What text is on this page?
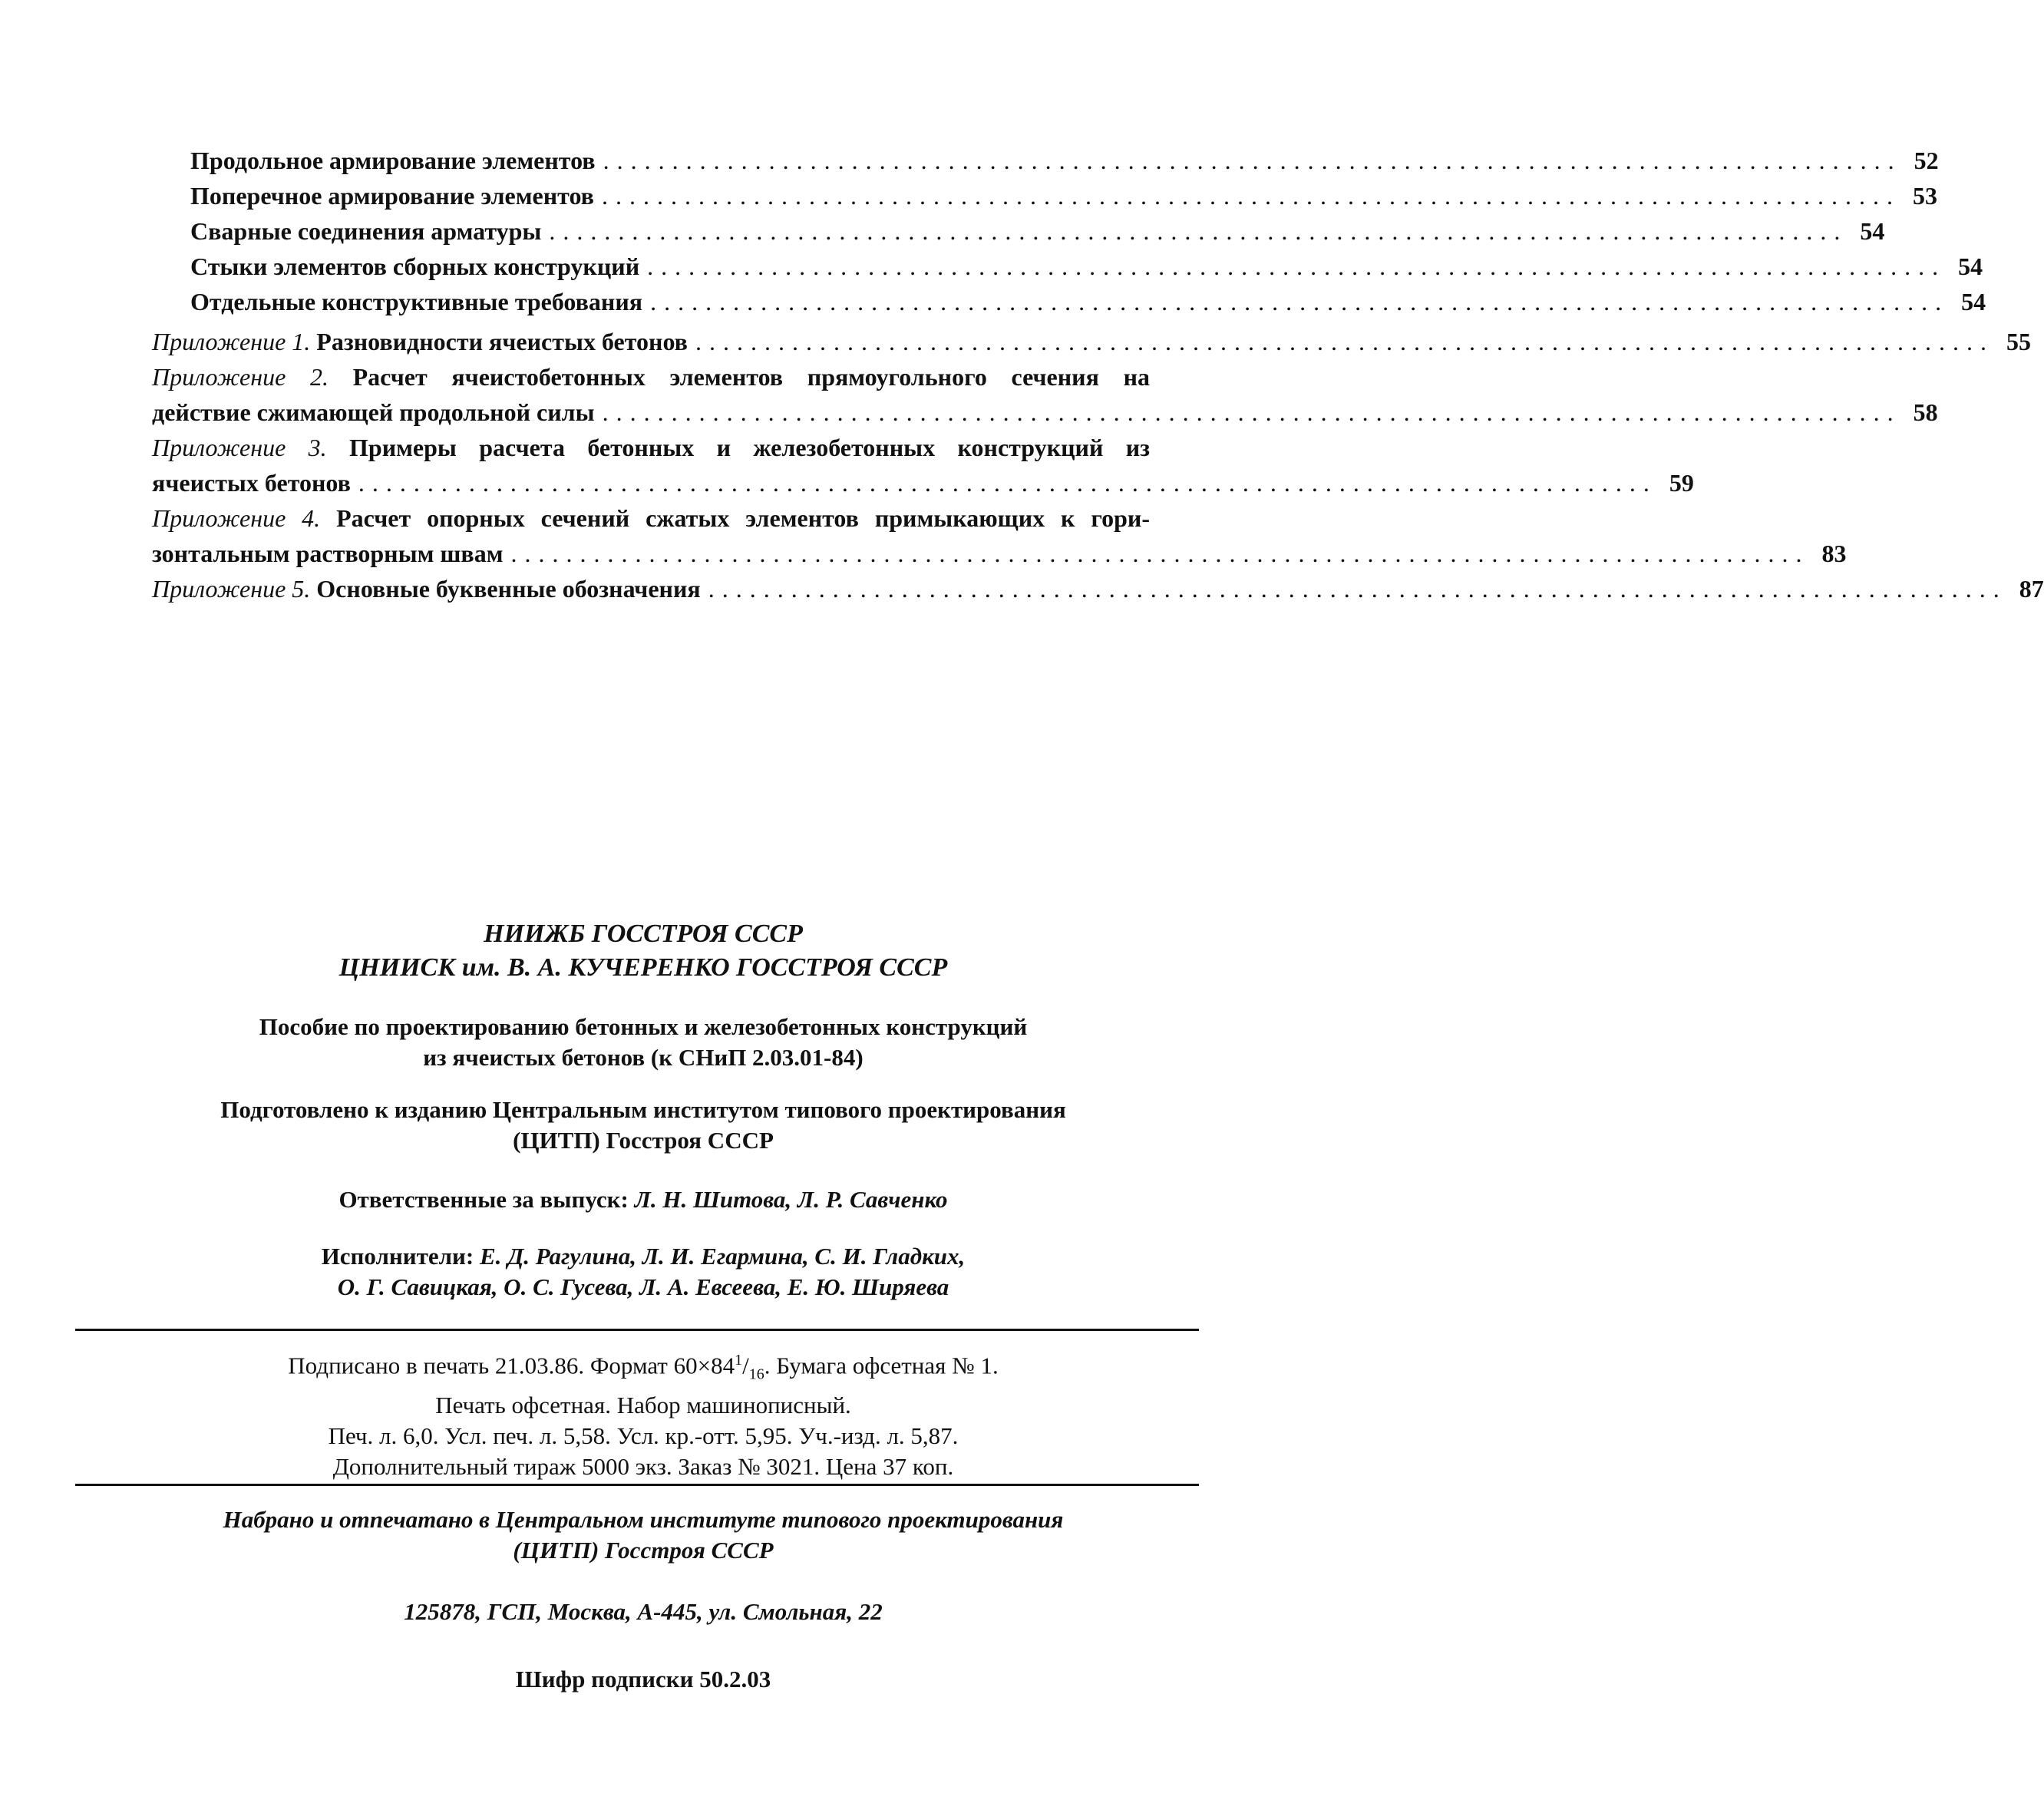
Продольное армирование элементов .............................................................................................. 52
Поперечное армирование элементов .............................................................................................. 53
Сварные соединения арматуры .............................................................................................. 54
Стыки элементов сборных конструкций .............................................................................................. 54
Отдельные конструктивные требования .............................................................................................. 54
Приложение 1. Разновидности ячеистых бетонов .............................................................................................. 55
Приложение 2. Расчет ячеистобетонных элементов прямоугольного сечения на
действие сжимающей продольной силы .............................................................................................. 58
Приложение 3. Примеры расчета бетонных и железобетонных конструкций из
ячеистых бетонов .............................................................................................. 59
Приложение 4. Расчет опорных сечений сжатых элементов примыкающих к гори-
зонтальным растворным швам .............................................................................................. 83
Приложение 5. Основные буквенные обозначения .............................................................................................. 87
НИИЖБ ГОССТРОЯ СССР
ЦНИИСК им. В. А. КУЧЕРЕНКО ГОССТРОЯ СССР
Пособие по проектированию бетонных и железобетонных конструкций
из ячеистых бетонов (к СНиП 2.03.01-84)
Подготовлено к изданию Центральным институтом типового проектирования
(ЦИТП) Госстроя СССР
Ответственные за выпуск: Л. Н. Шитова, Л. Р. Савченко
Исполнители: Е. Д. Рагулина, Л. И. Егармина, С. И. Гладких,
О. Г. Савицкая, О. С. Гусева, Л. А. Евсеева, Е. Ю. Ширяева
Подписано в печать 21.03.86. Формат $60\times 84^1/_{16}$. Бумага офсетная № 1.
Печать офсетная. Набор машинописный.
Печ. л. 6,0. Усл. печ. л. 5,58. Усл. кр.-отт. 5,95. Уч.-изд. л. 5,87.
Дополнительный тираж 5000 экз. Заказ № 3021. Цена 37 коп.
Набрано и отпечатано в Центральном институте типового проектирования
(ЦИТП) Госстроя СССР
125878, ГСП, Москва, А-445, ул. Смольная, 22
Шифр подписки 50.2.03
